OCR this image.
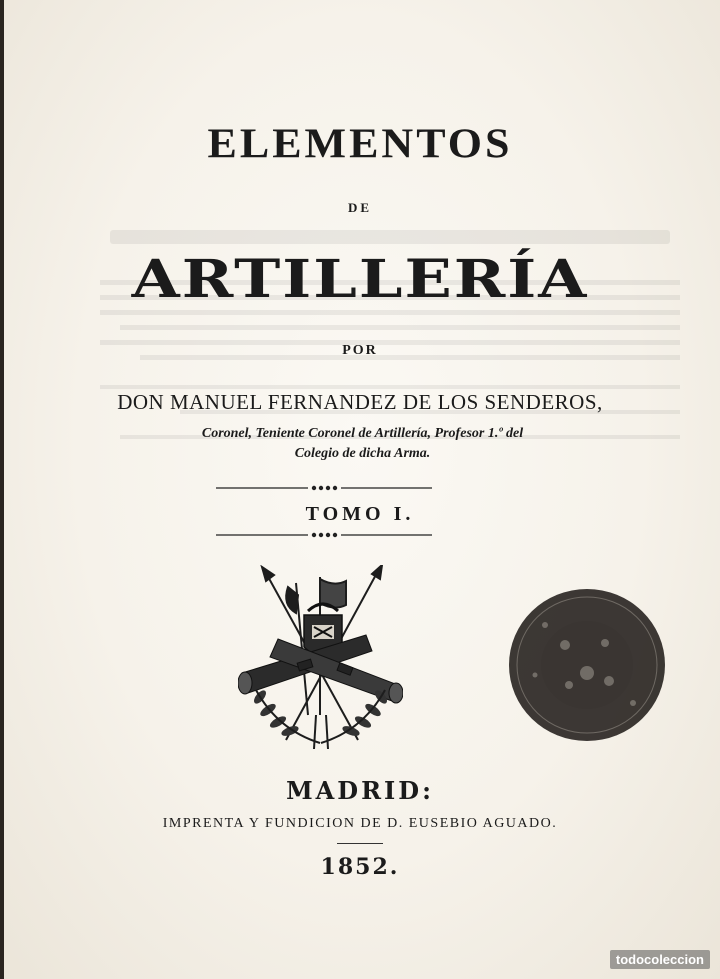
ELEMENTOS
DE
ARTILLERÍA
POR
DON MANUEL FERNANDEZ DE LOS SENDEROS,
Coronel, Teniente Coronel de Artillería, Profesor 1.º del
Colegio de dicha Arma.
TOMO I.
MADRID:
IMPRENTA Y FUNDICION DE D. EUSEBIO AGUADO.
1852.
todocoleccion
